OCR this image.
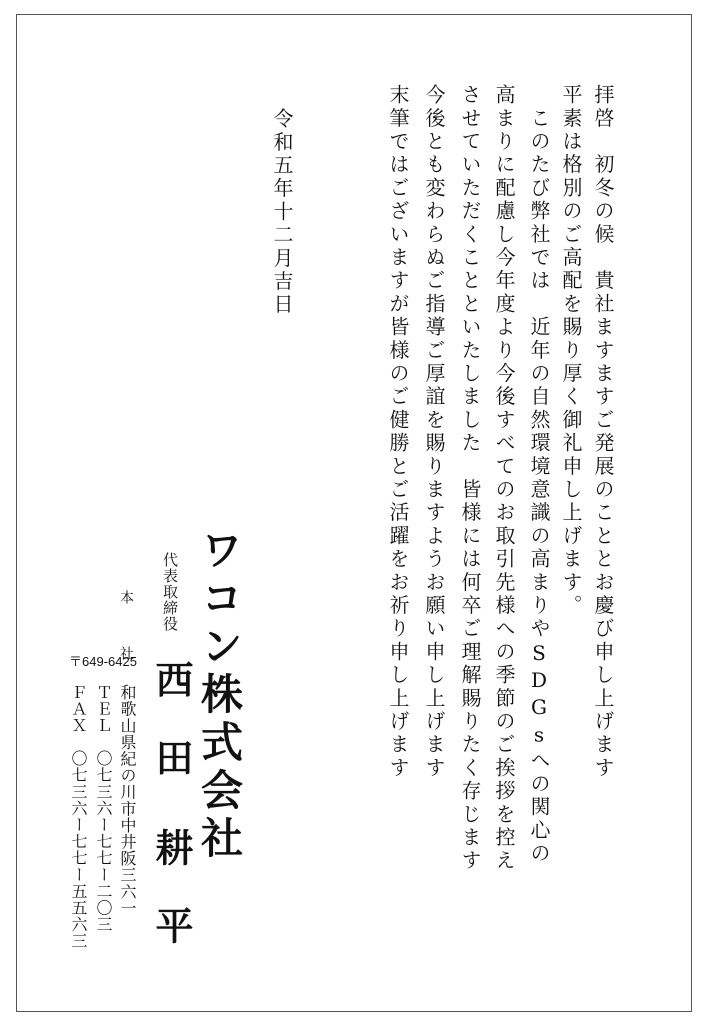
拝啓　初冬の候　貴社ますますご発展のこととお慶び申し上げます
平素は格別のご高配を賜り厚く御礼申し上げます。
　このたび弊社では　近年の自然環境意識の高まりやSDGsへの関心の
高まりに配慮し今年度より今後すべてのお取引先様への季節のご挨拶を控え
させていただくことといたしました　皆様には何卒ご理解賜りたく存じます
今後とも変わらぬご指導ご厚誼を賜りますようお願い申し上げます
末筆ではございますが皆様のご健勝とご活躍をお祈り申し上げます
令和五年十二月吉日
ワコン株式会社
代表取締役
西　田
耕　平
本　社
〒649-6425
和歌山県紀の川市中井阪三六一
ＴＥＬ
〇七三六ー七七ー二〇三
ＦＡＸ
〇七三六ー七七ー五五六三
